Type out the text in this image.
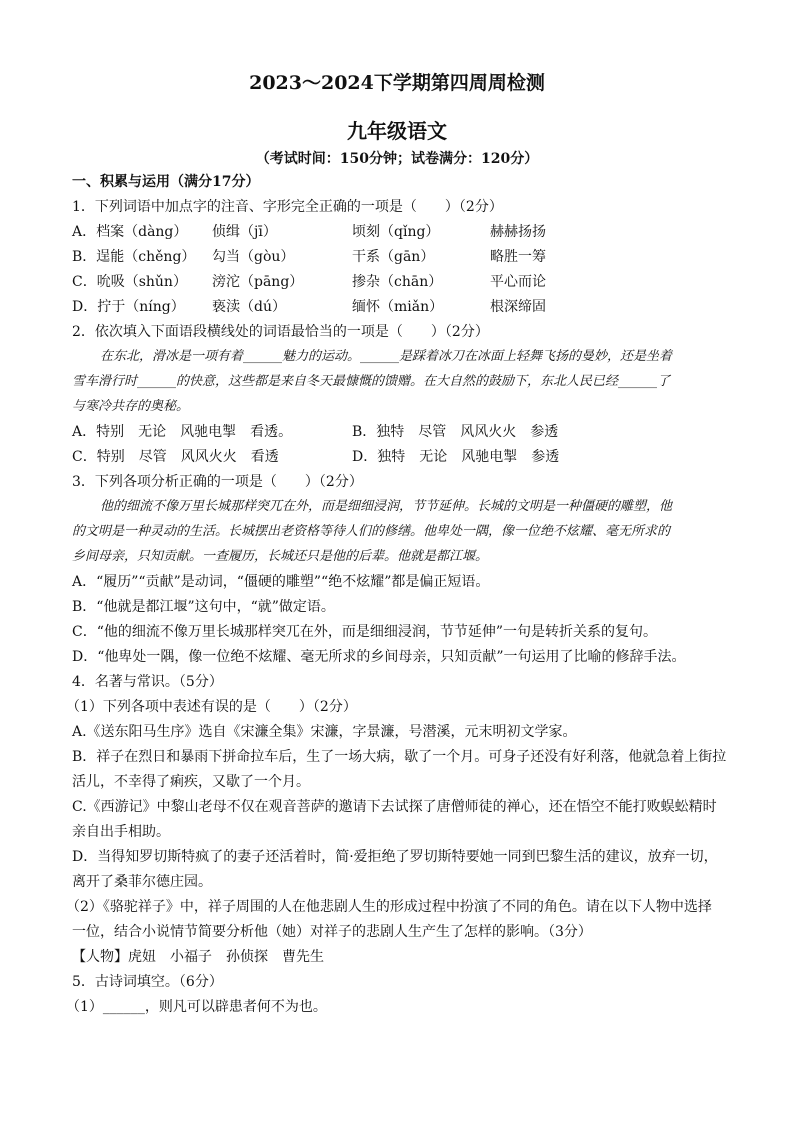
2023～2024下学期第四周周检测
九年级语文
（考试时间：150分钟；试卷满分：120分）
一、积累与运用（满分17分）
1．下列词语中加点字的注音、字形完全正确的一项是（　　）（2分）
A．档案（dàng） 侦缉（jī）	顷刻（qǐng）	赫赫扬扬
B．逞能（chěng） 勾当（gòu）	干系（gān）	略胜一筹
C．吮吸（shǔn） 滂沱（pāng）	掺杂（chān）	平心而论
D．拧于（níng） 亵渎（dú）	缅怀（miǎn）	根深缔固
2．依次填入下面语段横线处的词语最恰当的一项是（　　）（2分）
在东北，滑冰是一项有着______魅力的运动。______是踩着冰刀在冰面上轻舞飞扬的曼妙，还是坐着
雪车滑行时______的快意，这些都是来自冬天最慷慨的馈赠。在大自然的鼓励下，东北人民已经______了
与寒冷共存的奥秘。
A．特别　无论　风驰电掣　看透。	B．独特　尽管　风风火火　参透
C．特别　尽管　风风火火　看透	D．独特　无论　风驰电掣　参透
3．下列各项分析正确的一项是（　　）（2分）
他的细流不像万里长城那样突兀在外，而是细细浸润，节节延伸。长城的文明是一种僵硬的雕塑，他
的文明是一种灵动的生活。长城摆出老资格等待人们的修缮。他卑处一隅，像一位绝不炫耀、毫无所求的
乡间母亲，只知贡献。一查履历，长城还只是他的后辈。他就是都江堰。
A．“履历”“贡献”是动词，“僵硬的雕塑”“绝不炫耀”都是偏正短语。
B．“他就是都江堰”这句中，“就”做定语。
C．“他的细流不像万里长城那样突兀在外，而是细细浸润，节节延伸”一句是转折关系的复句。
D．“他卑处一隅，像一位绝不炫耀、毫无所求的乡间母亲，只知贡献”一句运用了比喻的修辞手法。
4．名著与常识。（5分）
（1）下列各项中表述有误的是（　　）（2分）
A.《送东阳马生序》选自《宋濂全集》宋濂，字景濂，号潜溪，元末明初文学家。
B．祥子在烈日和暴雨下拼命拉车后，生了一场大病，歇了一个月。可身子还没有好利落，他就急着上街拉
活儿，不幸得了痢疾，又歇了一个月。
C.《西游记》中黎山老母不仅在观音菩萨的邀请下去试探了唐僧师徒的禅心，还在悟空不能打败蜈蚣精时
亲自出手相助。
D．当得知罗切斯特疯了的妻子还活着时，简·爱拒绝了罗切斯特要她一同到巴黎生活的建议，放弃一切，
离开了桑菲尔德庄园。
（2）《骆驼祥子》中，祥子周围的人在他悲剧人生的形成过程中扮演了不同的角色。请在以下人物中选择
一位，结合小说情节简要分析他（她）对祥子的悲剧人生产生了怎样的影响。（3分）
【人物】虎妞　小福子　孙侦探　曹先生
5．古诗词填空。（6分）
（1）______，则凡可以辟患者何不为也。
